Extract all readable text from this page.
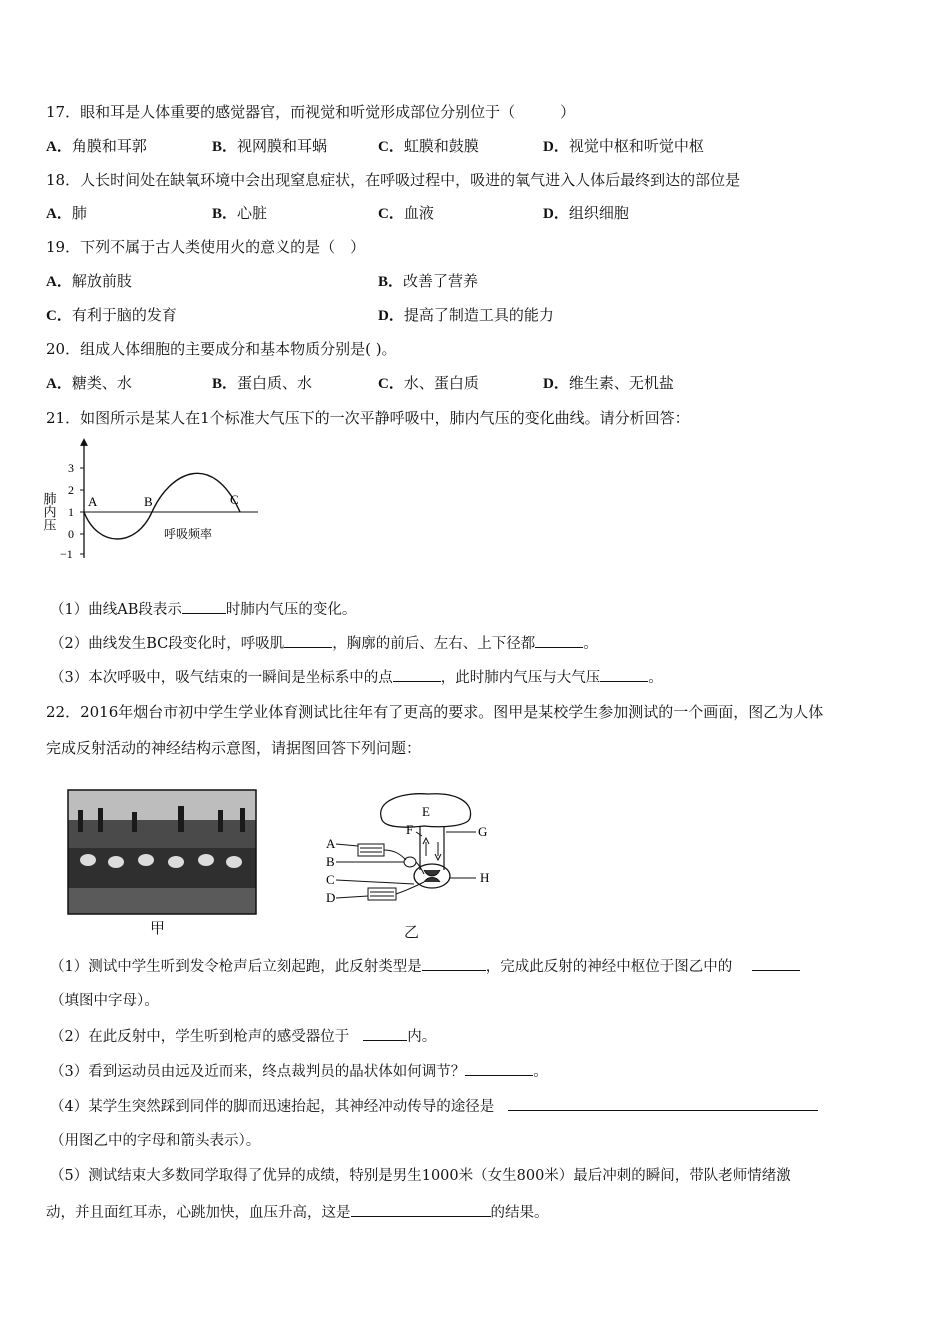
17．眼和耳是人体重要的感觉器官，而视觉和听觉形成部位分别位于（　　　）
A．角膜和耳郭	B．视网膜和耳蜗	C．虹膜和鼓膜	D．视觉中枢和听觉中枢
18．人长时间处在缺氧环境中会出现窒息症状，在呼吸过程中，吸进的氧气进入人体后最终到达的部位是
A．肺	B．心脏	C．血液	D．组织细胞
19．下列不属于古人类使用火的意义的是（　）
A．解放前肢	B．改善了营养
C．有利于脑的发育	D．提高了制造工具的能力
20．组成人体细胞的主要成分和基本物质分别是( )。
A．糖类、水	B．蛋白质、水	C．水、蛋白质	D．维生素、无机盐
21．如图所示是某人在1个标准大气压下的一次平静呼吸中，肺内气压的变化曲线。请分析回答：
3
2
1
0
−1
肺内压 A	B	C
呼吸频率
（1）曲线AB段表示	时肺内气压的变化。
（2）曲线发生BC段变化时，呼吸肌	，胸廓的前后、左右、上下径都	。
（3）本次呼吸中，吸气结束的一瞬间是坐标系中的点	，此时肺内气压与大气压	。
22．2016年烟台市初中学生学业体育测试比往年有了更高的要求。图甲是某校学生参加测试的一个画面，图乙为人体
完成反射活动的神经结构示意图，请据图回答下列问题：
甲
E
F	G
H
A
B
C
D
乙
（1）测试中学生听到发令枪声后立刻起跑，此反射类型是	，完成此反射的神经中枢位于图乙中的
（填图中字母）。
（2）在此反射中，学生听到枪声的感受器位于	内。
（3）看到运动员由远及近而来，终点裁判员的晶状体如何调节？	。
（4）某学生突然踩到同伴的脚而迅速抬起，其神经冲动传导的途径是
（用图乙中的字母和箭头表示）。
（5）测试结束大多数同学取得了优异的成绩，特别是男生1000米（女生800米）最后冲刺的瞬间，带队老师情绪激
动，并且面红耳赤，心跳加快，血压升高，这是	的结果。
